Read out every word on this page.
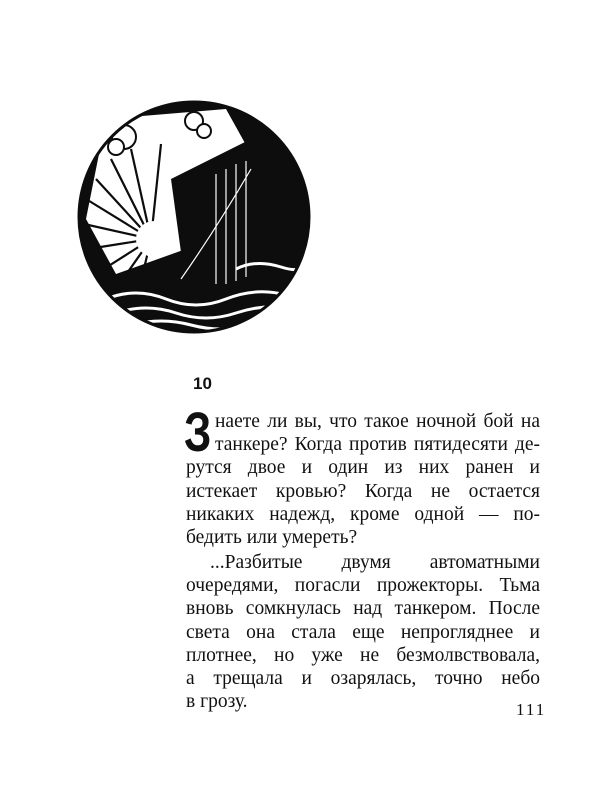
10
З наете ли вы, что такое ночной бой на
танкере? Когда против пятидесяти де-
рутся двое и один из них ранен и
истекает кровью? Когда не остается
никаких надежд, кроме одной — по-
бедить или умереть?
...Разбитые двумя автоматными
очередями, погасли прожекторы. Тьма
вновь сомкнулась над танкером. После
света она стала еще непрогляднее и
плотнее, но уже не безмолвствовала,
а трещала и озарялась, точно небо
в грозу.	111
